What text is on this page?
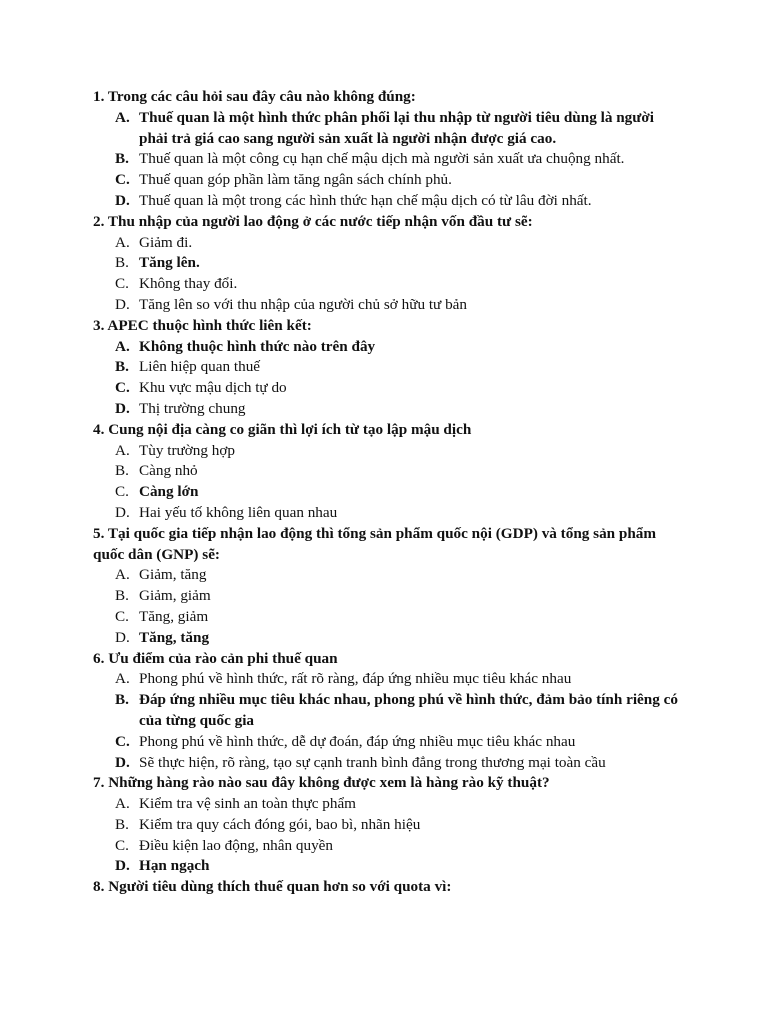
1. Trong các câu hỏi sau đây câu nào không đúng:
A. Thuế quan là một hình thức phân phối lại thu nhập từ người tiêu dùng là người phải trả giá cao sang người sản xuất là người nhận được giá cao.
B. Thuế quan là một công cụ hạn chế mậu dịch mà người sản xuất ưa chuộng nhất.
C. Thuế quan góp phần làm tăng ngân sách chính phủ.
D. Thuế quan là một trong các hình thức hạn chế mậu dịch có từ lâu đời nhất.
2. Thu nhập của người lao động ở các nước tiếp nhận vốn đầu tư sẽ:
A. Giảm đi.
B. Tăng lên.
C. Không thay đổi.
D. Tăng lên so với thu nhập của người chủ sở hữu tư bản
3. APEC thuộc hình thức liên kết:
A. Không thuộc hình thức nào trên đây
B. Liên hiệp quan thuế
C. Khu vực mậu dịch tự do
D. Thị trường chung
4. Cung nội địa càng co giãn thì lợi ích từ tạo lập mậu dịch
A. Tùy trường hợp
B. Càng nhỏ
C. Càng lớn
D. Hai yếu tố không liên quan nhau
5. Tại quốc gia tiếp nhận lao động thì tổng sản phẩm quốc nội (GDP) và tổng sản phẩm quốc dân (GNP) sẽ:
A. Giảm, tăng
B. Giảm, giảm
C. Tăng, giảm
D. Tăng, tăng
6. Ưu điểm của rào cản phi thuế quan
A. Phong phú về hình thức, rất rõ ràng, đáp ứng nhiều mục tiêu khác nhau
B. Đáp ứng nhiều mục tiêu khác nhau, phong phú về hình thức, đảm bảo tính riêng có của từng quốc gia
C. Phong phú về hình thức, dễ dự đoán, đáp ứng nhiều mục tiêu khác nhau
D. Sẽ thực hiện, rõ ràng, tạo sự cạnh tranh bình đẳng trong thương mại toàn cầu
7. Những hàng rào nào sau đây không được xem là hàng rào kỹ thuật?
A. Kiểm tra vệ sinh an toàn thực phẩm
B. Kiểm tra quy cách đóng gói, bao bì, nhãn hiệu
C. Điều kiện lao động, nhân quyền
D. Hạn ngạch
8. Người tiêu dùng thích thuế quan hơn so với quota vì:
